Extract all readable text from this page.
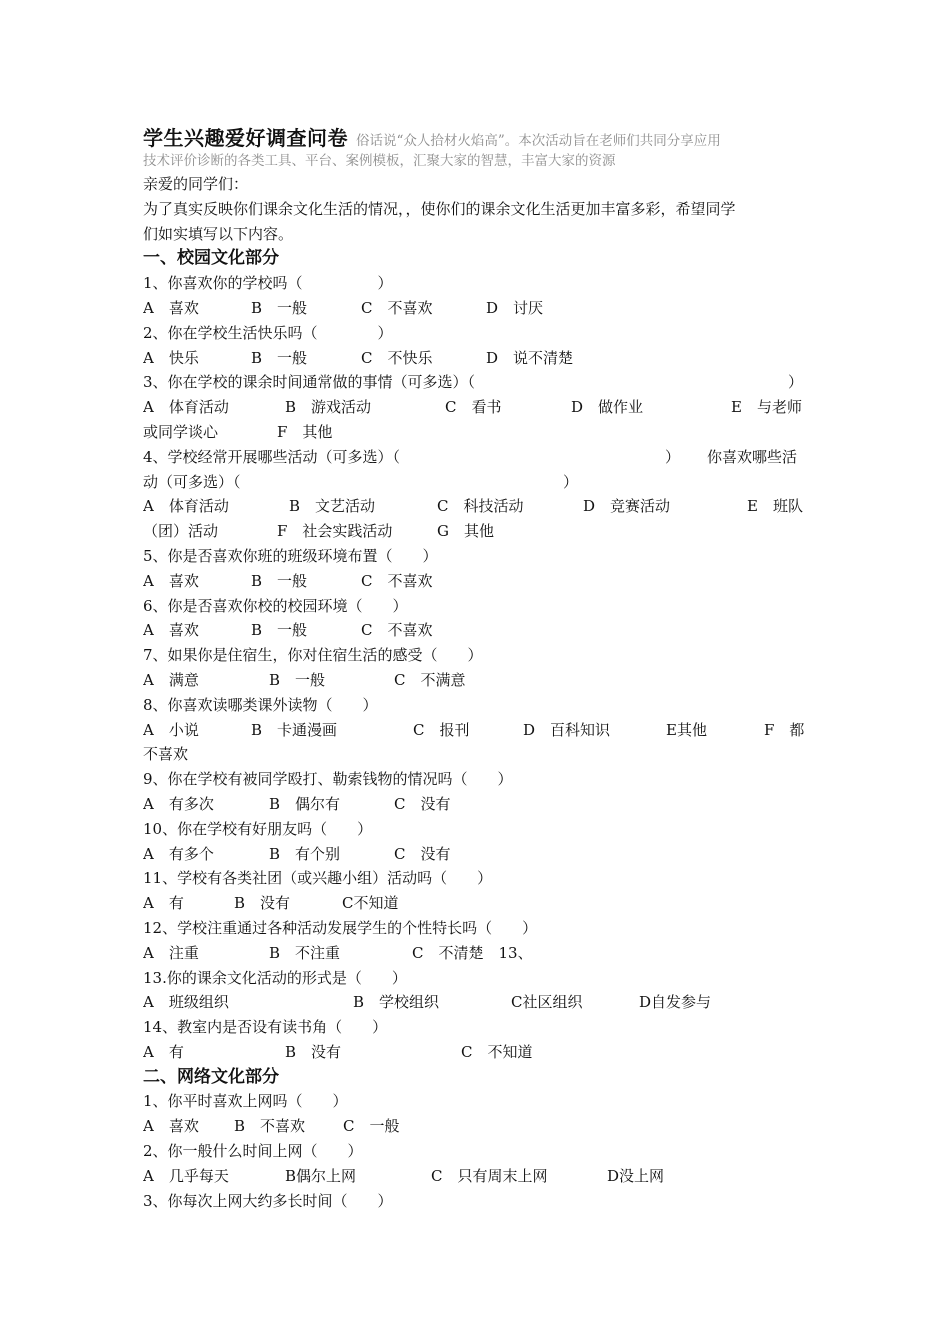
学生兴趣爱好调查问卷 俗话说“众人拾材火焰高”。本次活动旨在老师们共同分享应用
技术评价诊断的各类工具、平台、案例模板，汇聚大家的智慧，丰富大家的资源
亲爱的同学们：
为了真实反映你们课余文化生活的情况，，使你们的课余文化生活更加丰富多彩，希望同学
们如实填写以下内容。
一、校园文化部分
1、你喜欢你的学校吗（　　　　　）
A　喜欢	B　一般	C　不喜欢	D　讨厌
2、你在学校生活快乐吗（　　　　）
A　快乐	B　一般	C　不快乐	D　说不清楚
3、你在学校的课余时间通常做的事情（可多选）（	）
A　体育活动	B　游戏活动	C　看书	D　做作业	E　与老师
或同学谈心	F　其他
4、学校经常开展哪些活动（可多选）（	） 你喜欢哪些活
动（可多选）（	）
A　体育活动	B　文艺活动	C　科技活动	D　竞赛活动	E　班队
（团）活动	F　社会实践活动	G　其他
5、你是否喜欢你班的班级环境布置（　　）
A　喜欢	B　一般	C　不喜欢
6、你是否喜欢你校的校园环境（　　）
A　喜欢	B　一般	C　不喜欢
7、如果你是住宿生，你对住宿生活的感受（　　）
A　满意	B　一般	C　不满意
8、你喜欢读哪类课外读物（　　）
A　小说	B　卡通漫画	C　报刊	D　百科知识	E其他	F　都
不喜欢
9、你在学校有被同学殴打、勒索钱物的情况吗（　　）
A　有多次	B　偶尔有	C　没有
10、你在学校有好朋友吗（　　）
A　有多个	B　有个别	C　没有
11、学校有各类社团（或兴趣小组）活动吗（　　）
A　有	B　没有	C不知道
12、学校注重通过各种活动发展学生的个性特长吗（　　）
A　注重	B　不注重	C　不清楚　13、
13.你的课余文化活动的形式是（　　）
A　班级组织	B　学校组织	C社区组织	D自发参与
14、教室内是否设有读书角（　　）
A　有	B　没有	C　不知道
二、网络文化部分
1、你平时喜欢上网吗（　　）
A　喜欢 B　不喜欢	C　一般
2、你一般什么时间上网（　　）
A　几乎每天	B偶尔上网	C　只有周末上网	D没上网
3、你每次上网大约多长时间（　　）
